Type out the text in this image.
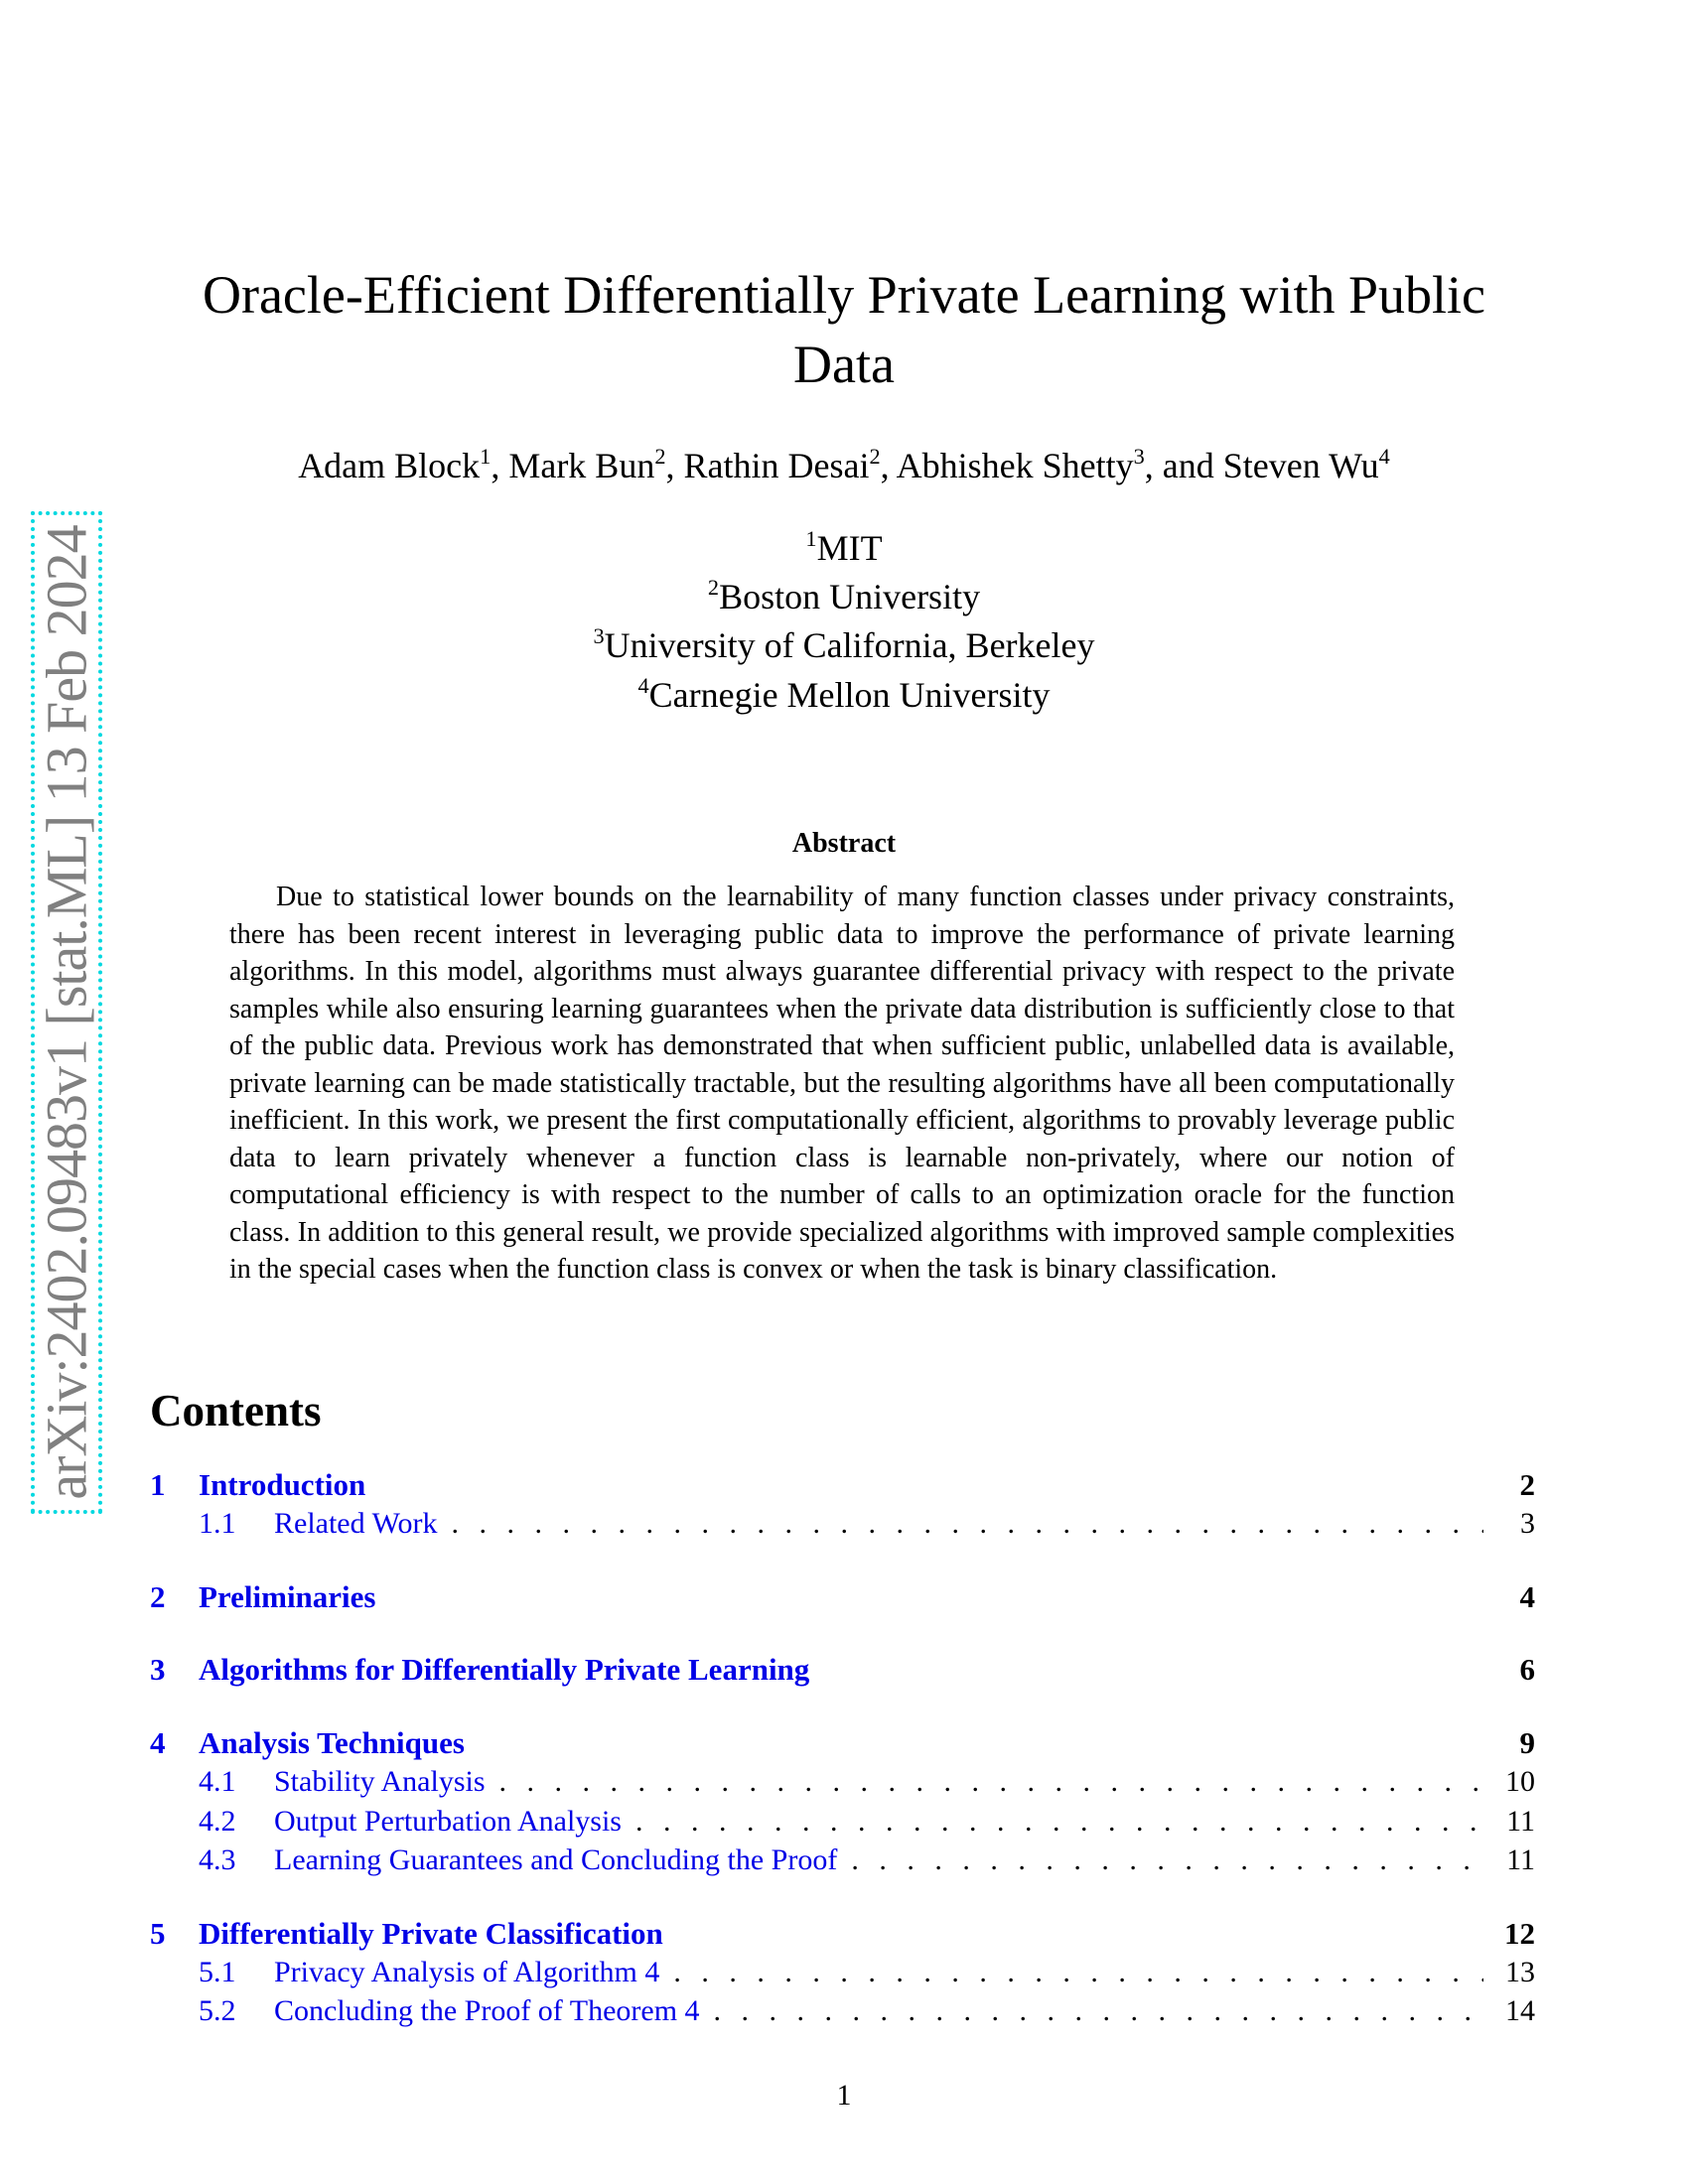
arXiv:2402.09483v1 [stat.ML] 13 Feb 2024
Oracle-Efficient Differentially Private Learning with Public
Data
Adam Block$^1$, Mark Bun$^2$, Rathin Desai$^2$, Abhishek Shetty$^3$, and Steven Wu$^4$
$^1$MIT
$^2$Boston University
$^3$University of California, Berkeley
$^4$Carnegie Mellon University
Abstract
Due to statistical lower bounds on the learnability of many function classes under privacy constraints, there has been recent interest in leveraging public data to improve the performance of private learning algorithms. In this model, algorithms must always guarantee differential privacy with respect to the private samples while also ensuring learning guarantees when the private data distribution is sufficiently close to that of the public data. Previous work has demonstrated that when sufficient public, unlabelled data is available, private learning can be made statistically tractable, but the resulting algorithms have all been computationally inefficient. In this work, we present the first computationally efficient, algorithms to provably leverage public data to learn privately whenever a function class is learnable non-privately, where our notion of computational efficiency is with respect to the number of calls to an optimization oracle for the function class. In addition to this general result, we provide specialized algorithms with improved sample complexities in the special cases when the function class is convex or when the task is binary classification.
Contents
1	Introduction	2
1.1	Related Work . . .	3
2	Preliminaries	4
3	Algorithms for Differentially Private Learning	6
4	Analysis Techniques	9
4.1	Stability Analysis . . .	10
4.2	Output Perturbation Analysis . . .	11
4.3	Learning Guarantees and Concluding the Proof . . .	11
5	Differentially Private Classification	12
5.1	Privacy Analysis of Algorithm 4 . . .	13
5.2	Concluding the Proof of Theorem 4 . . .	14
1
